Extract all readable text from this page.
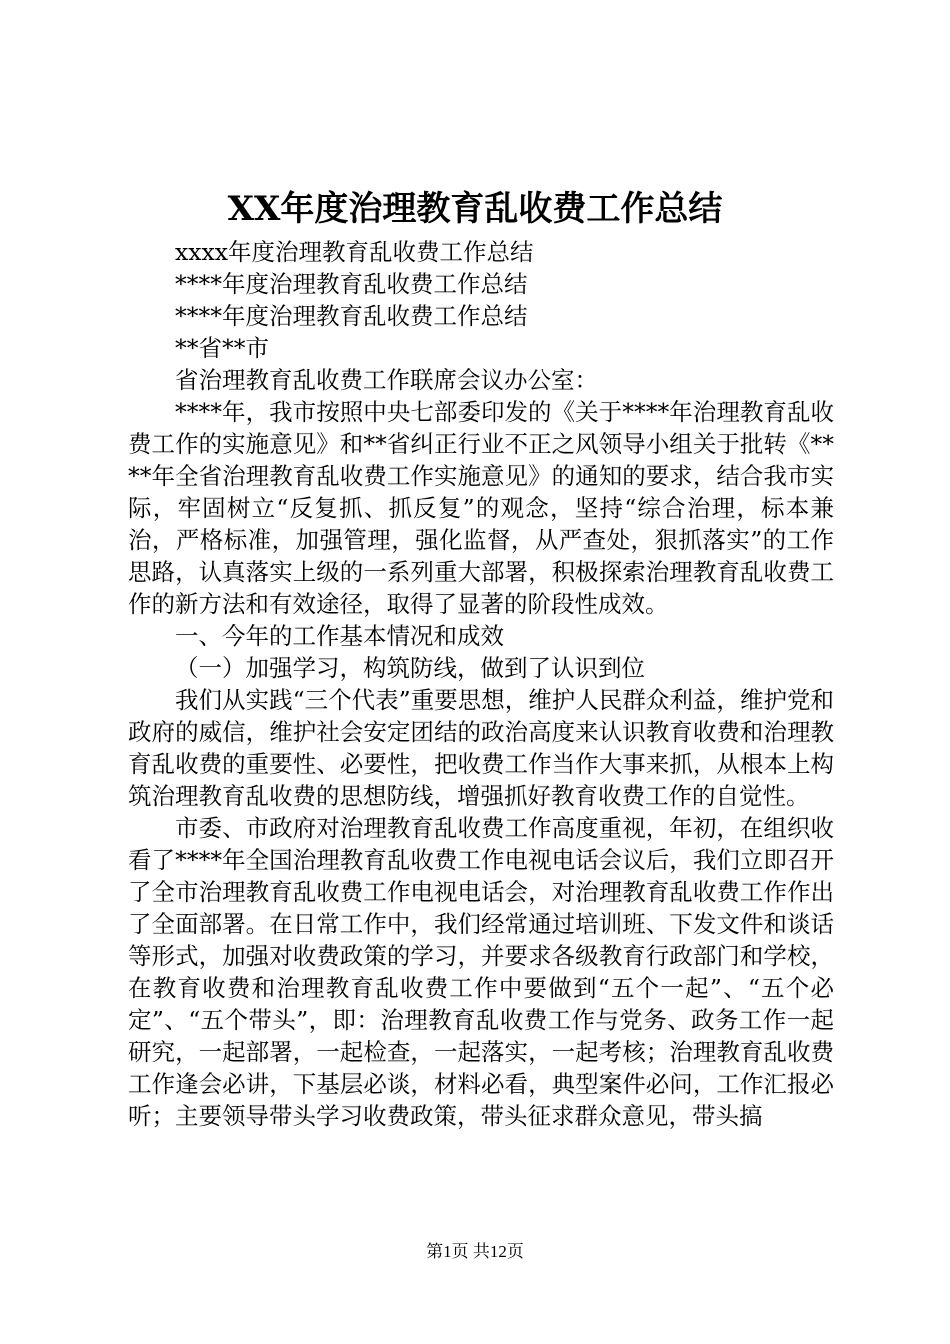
XX年度治理教育乱收费工作总结

xxxx年度治理教育乱收费工作总结

****年度治理教育乱收费工作总结

****年度治理教育乱收费工作总结

**省**市

省治理教育乱收费工作联席会议办公室：

****年，我市按照中央七部委印发的《关于****年治理教育乱收费工作的实施意见》和**省纠正行业不正之风领导小组关于批转《****年全省治理教育乱收费工作实施意见》的通知的要求，结合我市实际，牢固树立“反复抓、抓反复”的观念，坚持“综合治理，标本兼治，严格标准，加强管理，强化监督，从严查处，狠抓落实”的工作思路，认真落实上级的一系列重大部署，积极探索治理教育乱收费工作的新方法和有效途径，取得了显著的阶段性成效。

一、今年的工作基本情况和成效

（一）加强学习，构筑防线，做到了认识到位

我们从实践“三个代表”重要思想，维护人民群众利益，维护党和政府的威信，维护社会安定团结的政治高度来认识教育收费和治理教育乱收费的重要性、必要性，把收费工作当作大事来抓，从根本上构筑治理教育乱收费的思想防线，增强抓好教育收费工作的自觉性。

市委、市政府对治理教育乱收费工作高度重视，年初，在组织收看了****年全国治理教育乱收费工作电视电话会议后，我们立即召开了全市治理教育乱收费工作电视电话会，对治理教育乱收费工作作出了全面部署。在日常工作中，我们经常通过培训班、下发文件和谈话等形式，加强对收费政策的学习，并要求各级教育行政部门和学校，在教育收费和治理教育乱收费工作中要做到“五个一起”、“五个必定”、“五个带头”，即：治理教育乱收费工作与党务、政务工作一起研究，一起部署，一起检查，一起落实，一起考核；治理教育乱收费工作逢会必讲，下基层必谈，材料必看，典型案件必问，工作汇报必听；主要领导带头学习收费政策，带头征求群众意见，带头搞

第1页 共12页
